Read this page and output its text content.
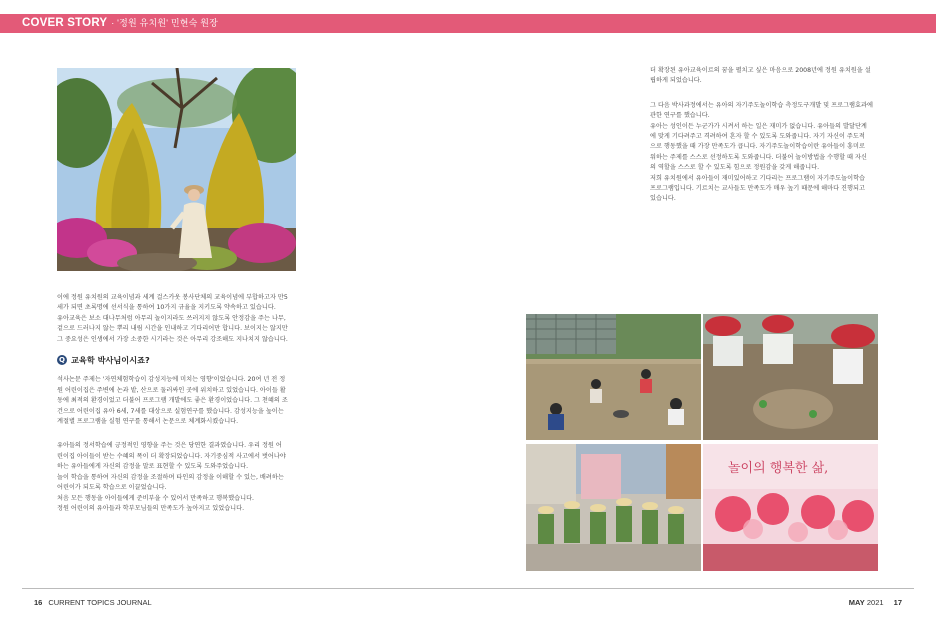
COVER STORY · '정원 유치원' 민현숙 원장

이에 정원 유치원의 교육이념과 세계 걸스카웃 봉사단체의 교육이념에 부합하고자 만5

세가 되면 초록명에 선서식을 통하여 10가지 규율을 지키도록 약속하고 있습니다.

유아교육은 보소 대나무처럼 아무리 놀이지라도 쓰러지지 않도록 안정감을 주는 나무,

겉으로 드러나지 않는 뿌리 내림 시간을 인내하고 기다리어만 합니다. 보이지는 않지만

그 중요성은 인생에서 가장 소중한 시기라는 것은 아무리 강조해도 지나치지 않습니다.

Q 교육학 박사님이시죠?

석사논문 주제는 '자연체험학습이 감성지능에 미치는 영향'이었습니다. 20여 년 전 정

원 어린이집은 주변에 논과 밭, 산으로 둘러싸인 곳에 위치하고 있었습니다. 아이들 활

동에 최적의 환경이었고 더불어 프로그램 개발에도 좋은 환경이었습니다. 그 천혜의 조

건으로 어린이집 유아 6세, 7세를 대상으로 실험연구를 했습니다. 감성지능을 높이는

계절별 프로그램을 실험 연구를 통해서 논문으로 체계화시켰습니다.

유아들의 정서학습에 긍정적인 영향을 주는 것은 당연한 결과였습니다. 우리 정원 어

린이집 아이들이 받는 수혜의 폭이 더 확장되었습니다. 자기중심적 사고에서 벗어나야

하는 유아들에게 자신의 감정을 말로 표현할 수 있도록 도와주었습니다.

놀이 학습을 통하여 자신의 감정을 조절하며 타인의 감정을 이해할 수 있는, 배려하는

어린이가 되도록 학습으로 이끌었습니다.

처음 모든 행동을 아이들에게 준비부을 수 있어서 만족하고 행복했습니다.

정원 어린이의 유아들과 학부모님들의 만족도가 높아지고 있었습니다.

더 확장된 유아교육이르의 꿈을 펼치고 싶은 마음으로 2008년에 정원 유치원을 설

립하게 되었습니다.

그 다음 박사과정에서는 유아의 자기주도놀이학습 측정도구개발 및 프로그램효과에

관한 연구를 했습니다.

유아는 성인이든 누군가가 시켜서 하는 일은 재미가 없습니다. 유아들의 발달단계

에 맞게 기다려주고 격려하여 혼자 할 수 있도록 도와줍니다. 자기 자신이 주도적

으로 행동했을 때 가장 만족도가 큽니다. 자기주도놀이학습이란 유아들이 흥미로

워하는 주제를 스스로 선정하도록 도와줍니다. 더불어 놀이방법을 수행할 때 자신

의 역할을 스스로 할 수 있도록 힘으로 정원감을 갖게 해줍니다.

저희 유치원에서 유아들이 재미있어하고 기다리는 프로그램이 자기주도놀이학습

프로그램입니다. 기르치는 교사들도 만족도가 매우 높기 때문에 해마다 진행되고

있습니다.

놀이의 행복한 삶,
16 CURRENT TOPICS JOURNAL	MAY 2021 17
